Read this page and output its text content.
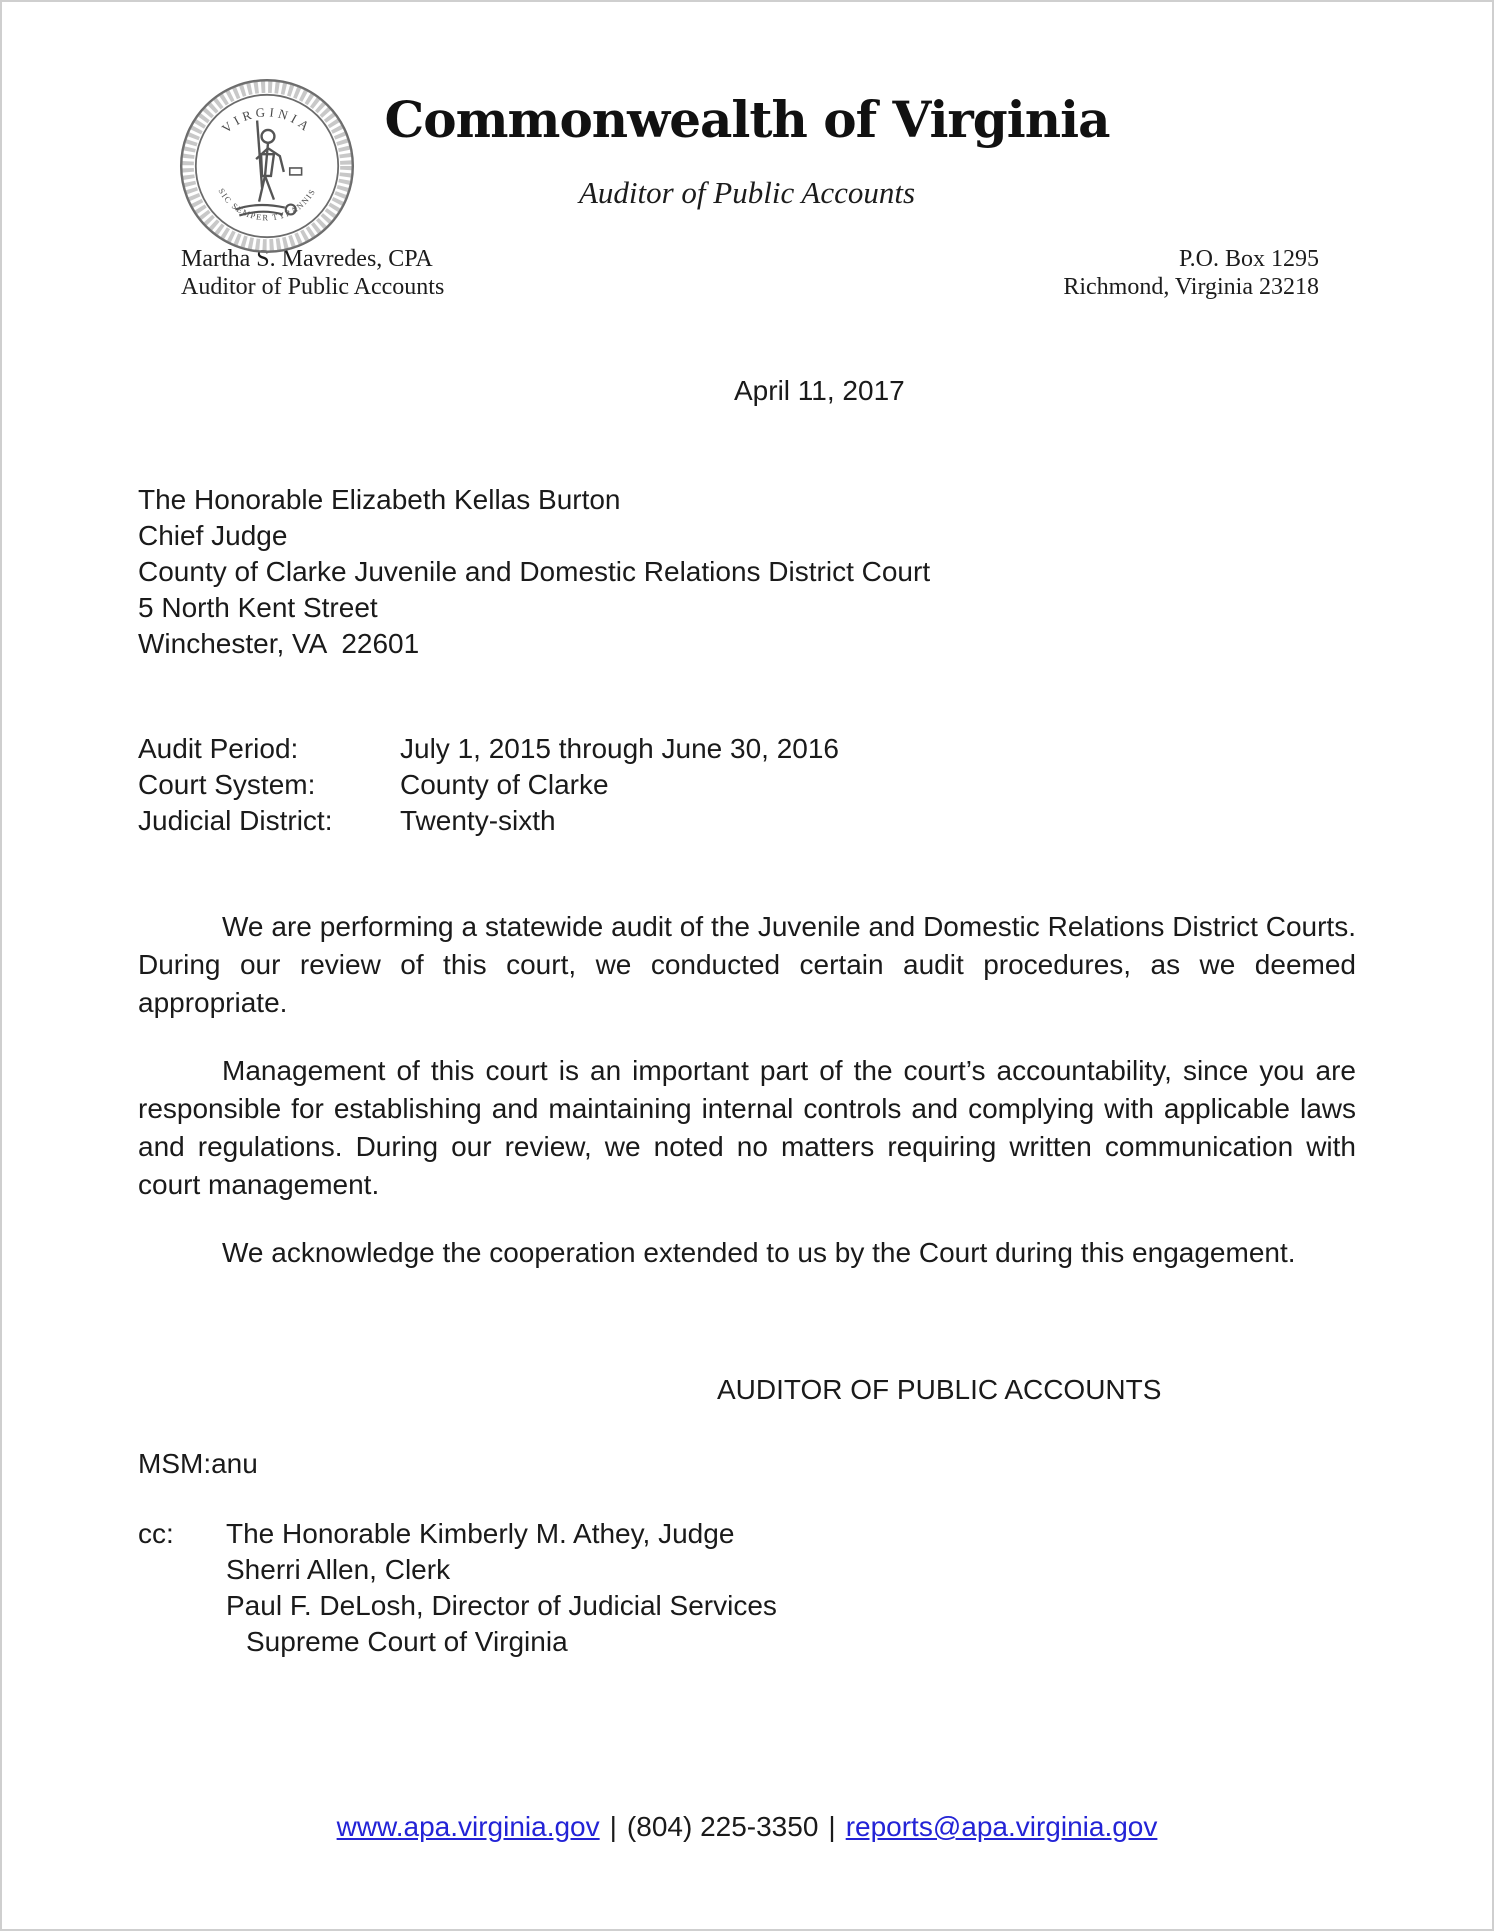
VIRGINIA
SIC SEMPER TYRANNIS
Commonwealth of Virginia
Auditor of Public Accounts
Martha S. Mavredes, CPA
Auditor of Public Accounts
P.O. Box 1295
Richmond, Virginia 23218
April 11, 2017
The Honorable Elizabeth Kellas Burton
Chief Judge
County of Clarke Juvenile and Domestic Relations District Court
5 North Kent Street
Winchester, VA  22601
Audit Period:	July 1, 2015 through June 30, 2016
Court System:	County of Clarke
Judicial District:	Twenty-sixth

We are performing a statewide audit of the Juvenile and Domestic Relations District Courts. During our review of this court, we conducted certain audit procedures, as we deemed appropriate.

Management of this court is an important part of the court’s accountability, since you are responsible for establishing and maintaining internal controls and complying with applicable laws and regulations. During our review, we noted no matters requiring written communication with court management.

We acknowledge the cooperation extended to us by the Court during this engagement.

AUDITOR OF PUBLIC ACCOUNTS
MSM:anu
cc:	The Honorable Kimberly M. Athey, Judge
Sherri Allen, Clerk
Paul F. DeLosh, Director of Judicial Services
Supreme Court of Virginia
www.apa.virginia.gov | (804) 225-3350 | reports@apa.virginia.gov
